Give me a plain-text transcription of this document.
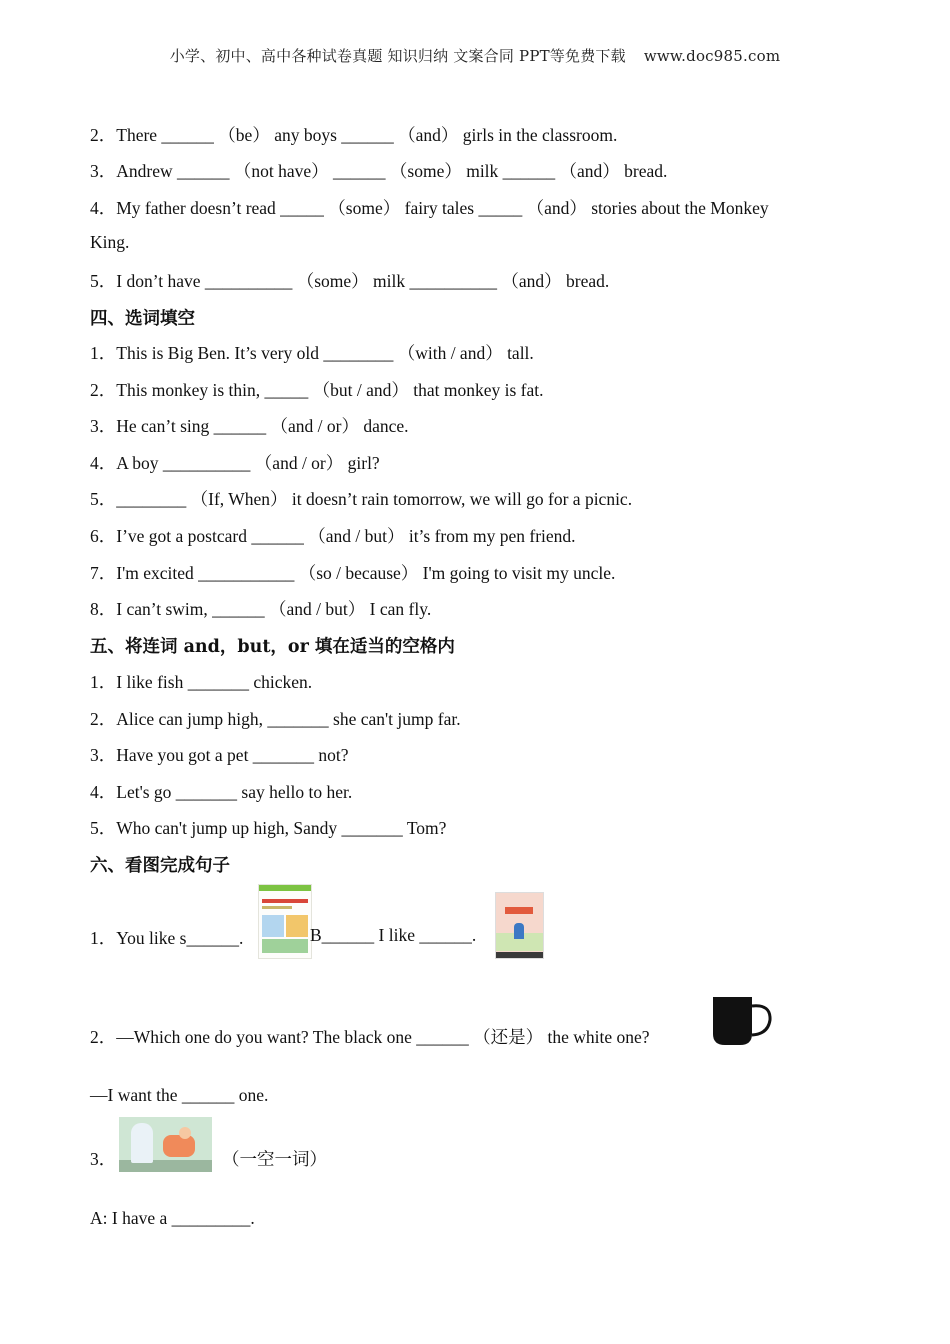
小学、初中、高中各种试卷真题 知识归纳 文案合同 PPT等免费下载 www.doc985.com
2．There ______ （be） any boys ______ （and） girls in the classroom.
3．Andrew ______ （not have） ______ （some） milk ______ （and） bread.
4．My father doesn’t read _____ （some） fairy tales _____ （and） stories about the Monkey
King.
5．I don’t have __________ （some） milk __________ （and） bread.
四、选词填空
1．This is Big Ben. It’s very old ________ （with / and） tall.
2．This monkey is thin, _____ （but / and） that monkey is fat.
3．He can’t sing ______ （and / or） dance.
4．A boy __________ （and / or） girl?
5．________ （If, When） it doesn’t rain tomorrow, we will go for a picnic.
6．I’ve got a postcard ______ （and / but） it’s from my pen friend.
7．I'm excited ___________ （so / because） I'm going to visit my uncle.
8．I can’t swim, ______ （and / but） I can fly.
五、将连词 and，but，or 填在适当的空格内
1．I like fish _______ chicken.
2．Alice can jump high, _______ she can't jump far.
3．Have you got a pet _______ not?
4．Let's go _______ say hello to her.
5．Who can't jump up high, Sandy _______ Tom?
六、看图完成句子
1．You like s______.	B______ I like ______.
2．—Which one do you want? The black one ______ （还是） the white one?
—I want the ______ one.
3．	（一空一词）
A: I have a _________.
